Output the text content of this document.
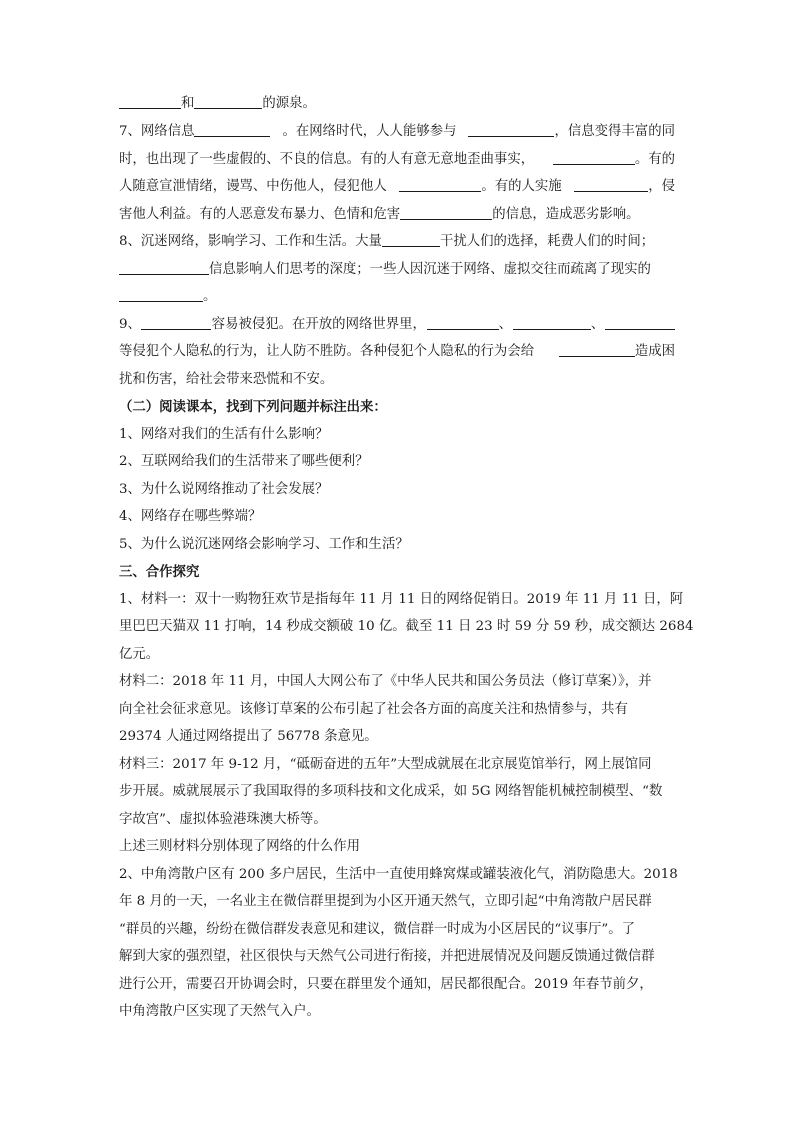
和	的源泉。
7、网络信息	。在网络时代，人人能够参与	，信息变得丰富的同
时，也出现了一些虚假的、不良的信息。有的人有意无意地歪曲事实，	。有的
人随意宣泄情绪，谩骂、中伤他人，侵犯他人	。有的人实施	，侵
害他人利益。有的人恶意发布暴力、色情和危害	的信息，造成恶劣影响。
8、沉迷网络，影响学习、工作和生活。大量	干扰人们的选择，耗费人们的时间；
信息影响人们思考的深度；一些人因沉迷于网络、虚拟交往而疏离了现实的
。
9、	容易被侵犯。在开放的网络世界里，	、	、
等侵犯个人隐私的行为，让人防不胜防。各种侵犯个人隐私的行为会给	造成困
扰和伤害，给社会带来恐慌和不安。
（二）阅读课本，找到下列问题并标注出来：
1、网络对我们的生活有什么影响？
2、互联网给我们的生活带来了哪些便利？
3、为什么说网络推动了社会发展？
4、网络存在哪些弊端？
5、为什么说沉迷网络会影响学习、工作和生活？
三、合作探究
1、材料一：双十一购物狂欢节是指每年 11 月 11 日的网络促销日。2019 年 11 月 11 日，阿
里巴巴天猫双 11 打响，14 秒成交额破 10 亿。截至 11 日 23 时 59 分 59 秒，成交额达 2684
亿元。
材料二：2018 年 11 月，中国人大网公布了《中华人民共和国公务员法（修订草案）》，并
向全社会征求意见。该修订草案的公布引起了社会各方面的高度关注和热情参与，共有
29374 人通过网络提出了 56778 条意见。
材料三：2017 年 9-12 月，“砥砺奋进的五年”大型成就展在北京展览馆举行，网上展馆同
步开展。威就展展示了我国取得的多项科技和文化成采，如 5G 网络智能机械控制模型、“数
字故宫”、虚拟体验港珠澳大桥等。
上述三则材料分别体现了网络的什么作用
2、中角湾散户区有 200 多户居民，生活中一直使用蜂窝煤或罐装液化气，消防隐患大。2018
年 8 月的一天，一名业主在微信群里提到为小区开通天然气，立即引起“中角湾散户居民群
“群员的兴趣，纷纷在微信群发表意见和建议，微信群一时成为小区居民的“议事厅”。了
解到大家的强烈望，社区很快与天然气公司进行衔接，并把进展情况及问题反馈通过微信群
进行公开，需要召开协调会时，只要在群里发个通知，居民都很配合。2019 年春节前夕，
中角湾散户区实现了天然气入户。
